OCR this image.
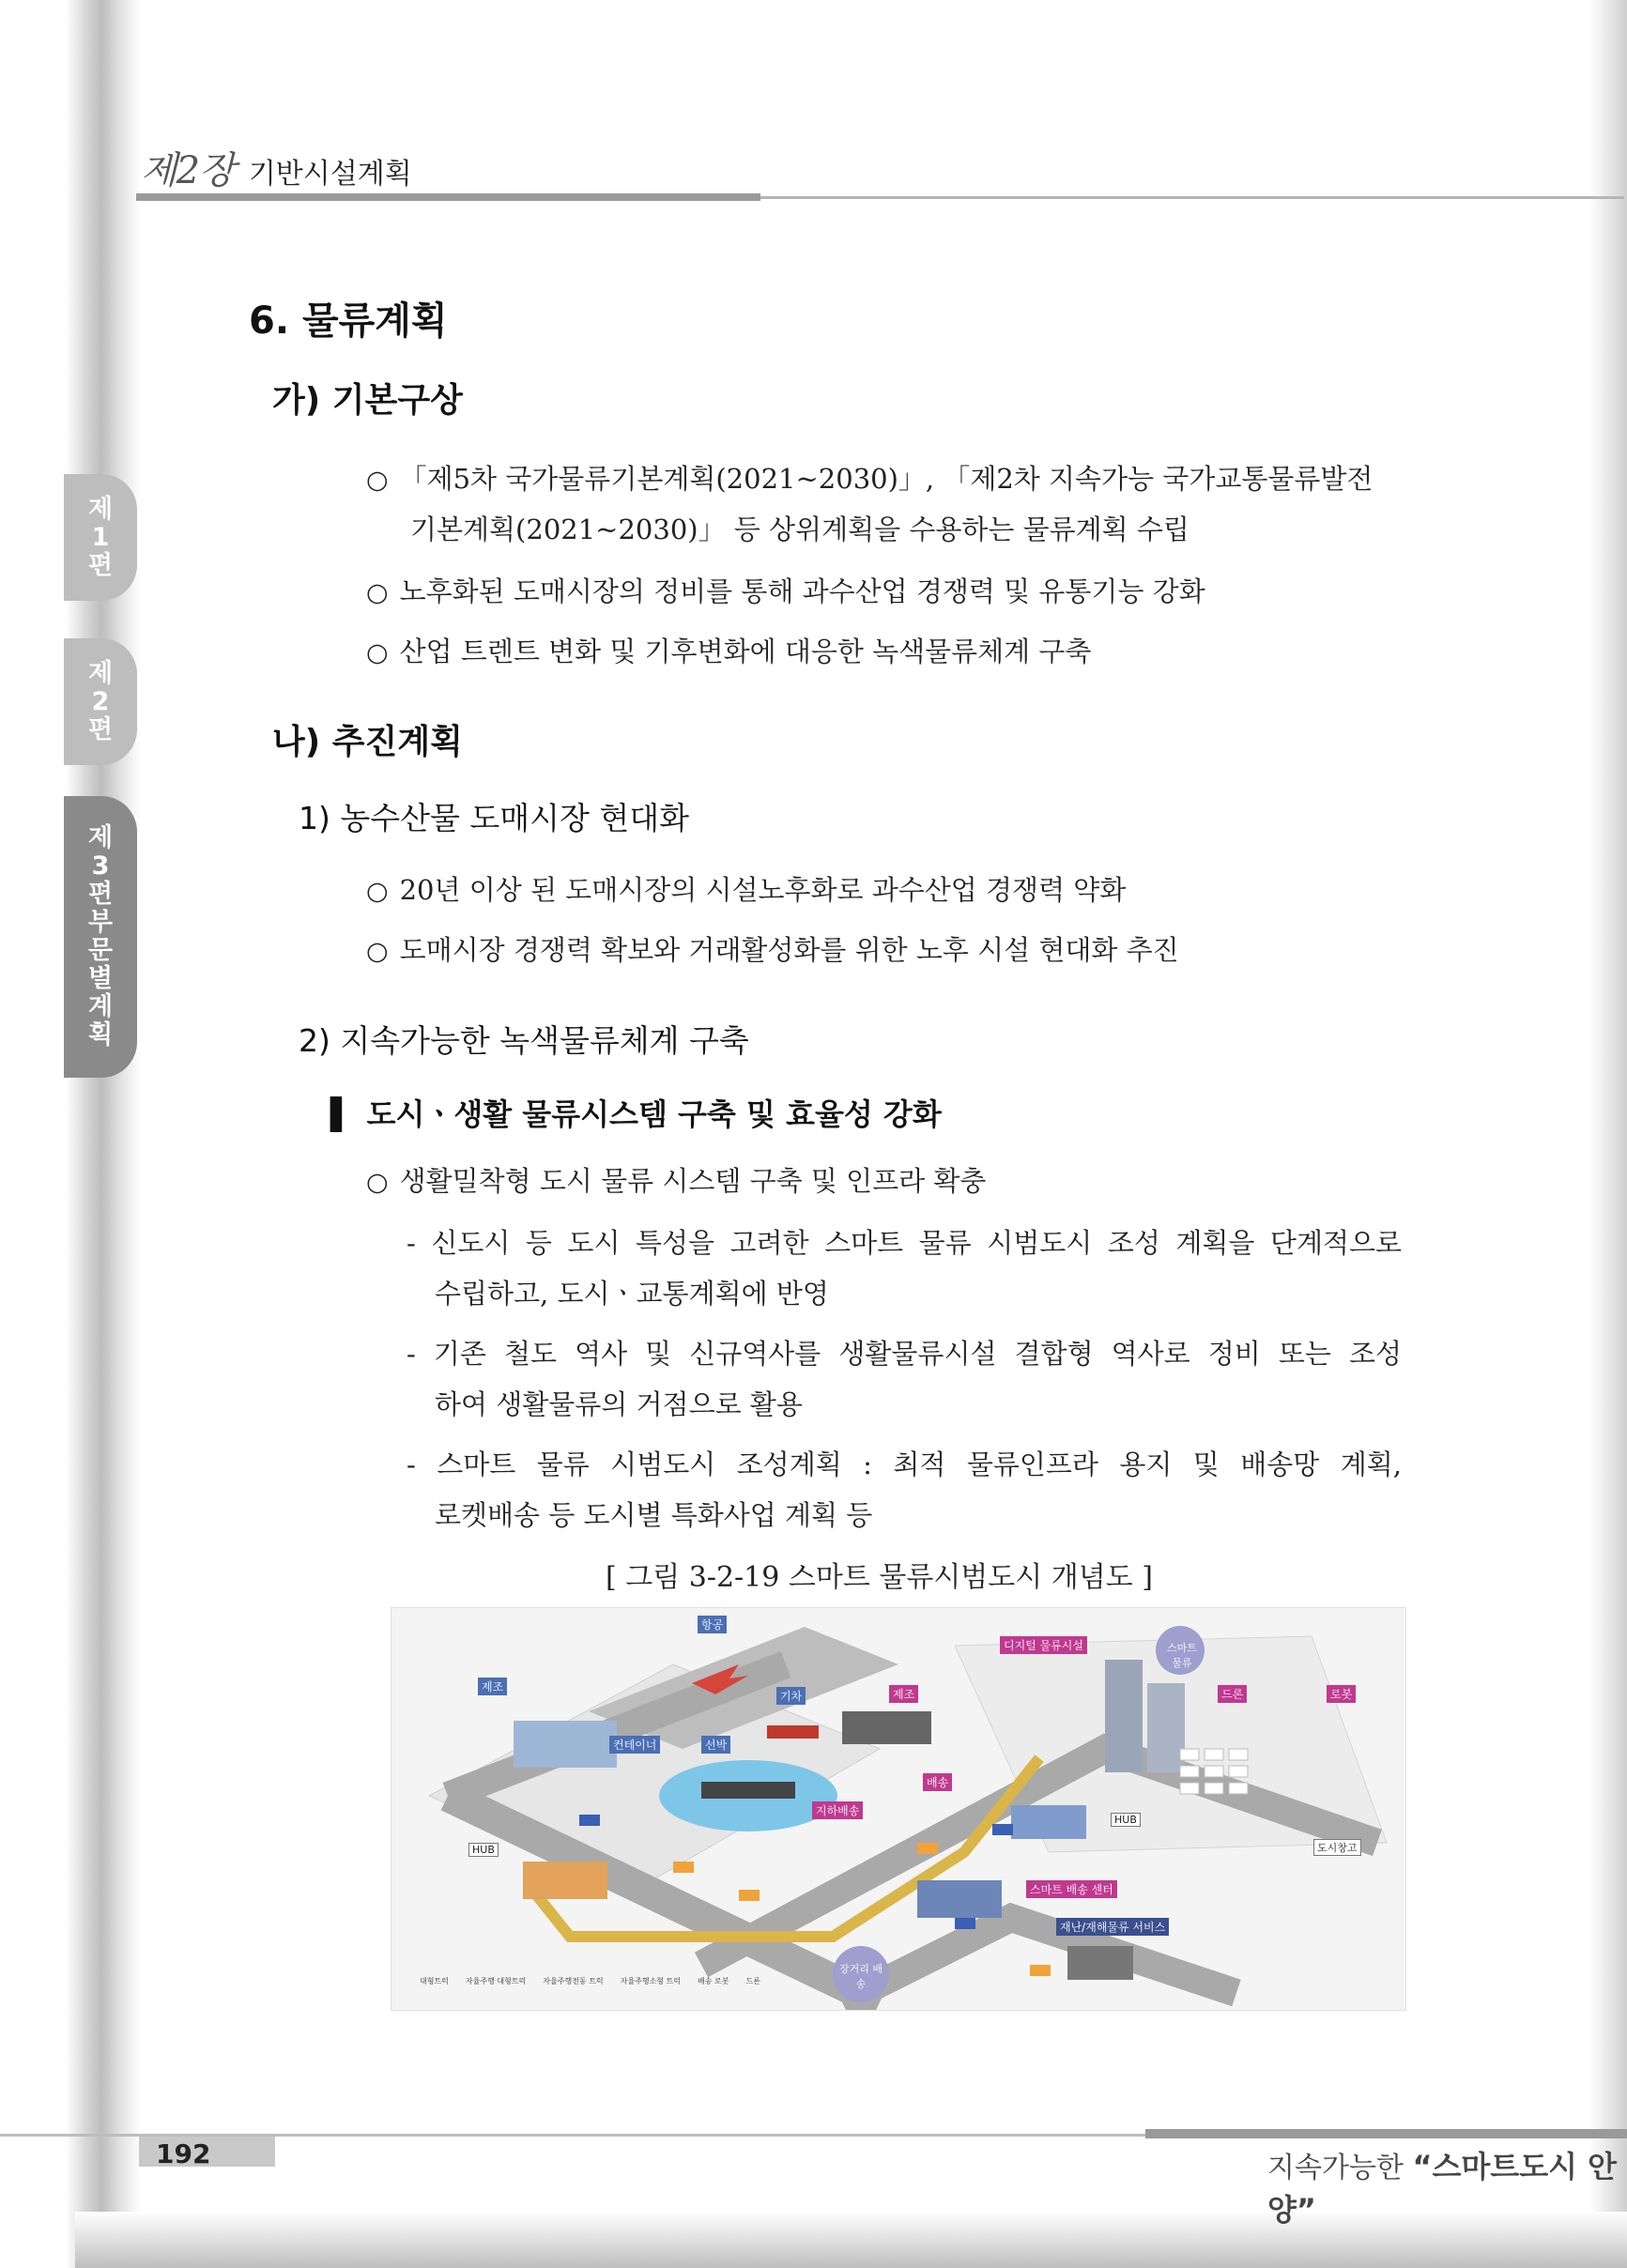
제2장 기반시설계획
제
1
편
제
2
편
제
3
편
부
문
별
계
획
6. 물류계획
가) 기본구상
○ 「제5차 국가물류기본계획(2021~2030)」, 「제2차 지속가능 국가교통물류발전
기본계획(2021~2030)」 등 상위계획을 수용하는 물류계획 수립
○ 노후화된 도매시장의 정비를 통해 과수산업 경쟁력 및 유통기능 강화
○ 산업 트렌트 변화 및 기후변화에 대응한 녹색물류체계 구축
나) 추진계획
1) 농수산물 도매시장 현대화
○ 20년 이상 된 도매시장의 시설노후화로 과수산업 경쟁력 약화
○ 도매시장 경쟁력 확보와 거래활성화를 위한 노후 시설 현대화 추진
2) 지속가능한 녹색물류체계 구축
▌ 도시ㆍ생활 물류시스템 구축 및 효율성 강화
○ 생활밀착형 도시 물류 시스템 구축 및 인프라 확충
- 신도시 등 도시 특성을 고려한 스마트 물류 시범도시 조성 계획을 단계적으로
수립하고, 도시ㆍ교통계획에 반영
- 기존 철도 역사 및 신규역사를 생활물류시설 결합형 역사로 정비 또는 조성
하여 생활물류의 거점으로 활용
- 스마트 물류 시범도시 조성계획 : 최적 물류인프라 용지 및 배송망 계획,
로켓배송 등 도시별 특화사업 계획 등
[ 그림 3-2-19 스마트 물류시범도시 개념도 ]
항공
제조
기차	제조
컨테이너	선박
디지털 물류시설	스마트 물류
드론	로봇
배송
지하배송
HUB
HUB
도시창고
스마트 배송 센터
재난/재해물류 서비스
장거리 배송
대형트럭 자율주행 대형트럭 자율주행전동 트럭 자율주행소형 트럭 배송 로봇 드론
192	지속가능한 “스마트도시 안양”
